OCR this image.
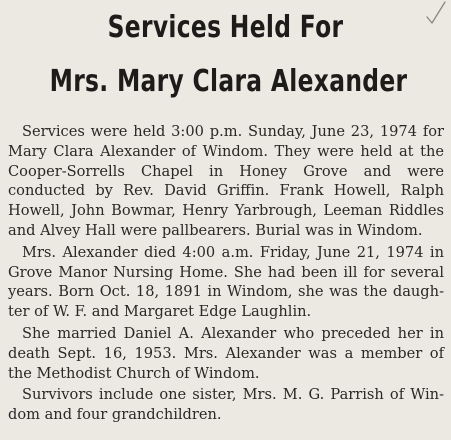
Services Held For
Mrs. Mary Clara Alexander

Services were held 3:00 p.m. Sunday, June 23, 1974 for Mary Clara Alexander of Windom. They were held at the Cooper-Sorrells Chapel in Honey Grove and were conducted by Rev. David Griffin. Frank Howell, Ralph Howell, John Bowmar, Henry Yarbrough, Leeman Riddles and Alvey Hall were pallbearers. Burial was in Windom.

Mrs. Alexander died 4:00 a.m. Friday, June 21, 1974 in Grove Manor Nursing Home. She had been ill for several years. Born Oct. 18, 1891 in Windom, she was the daughter of W. F. and Margaret Edge Laughlin.

She married Daniel A. Alexander who preceded her in death Sept. 16, 1953. Mrs. Alexander was a member of the Methodist Church of Windom.

Survivors include one sister, Mrs. M. G. Parrish of Windom and four grandchildren.
